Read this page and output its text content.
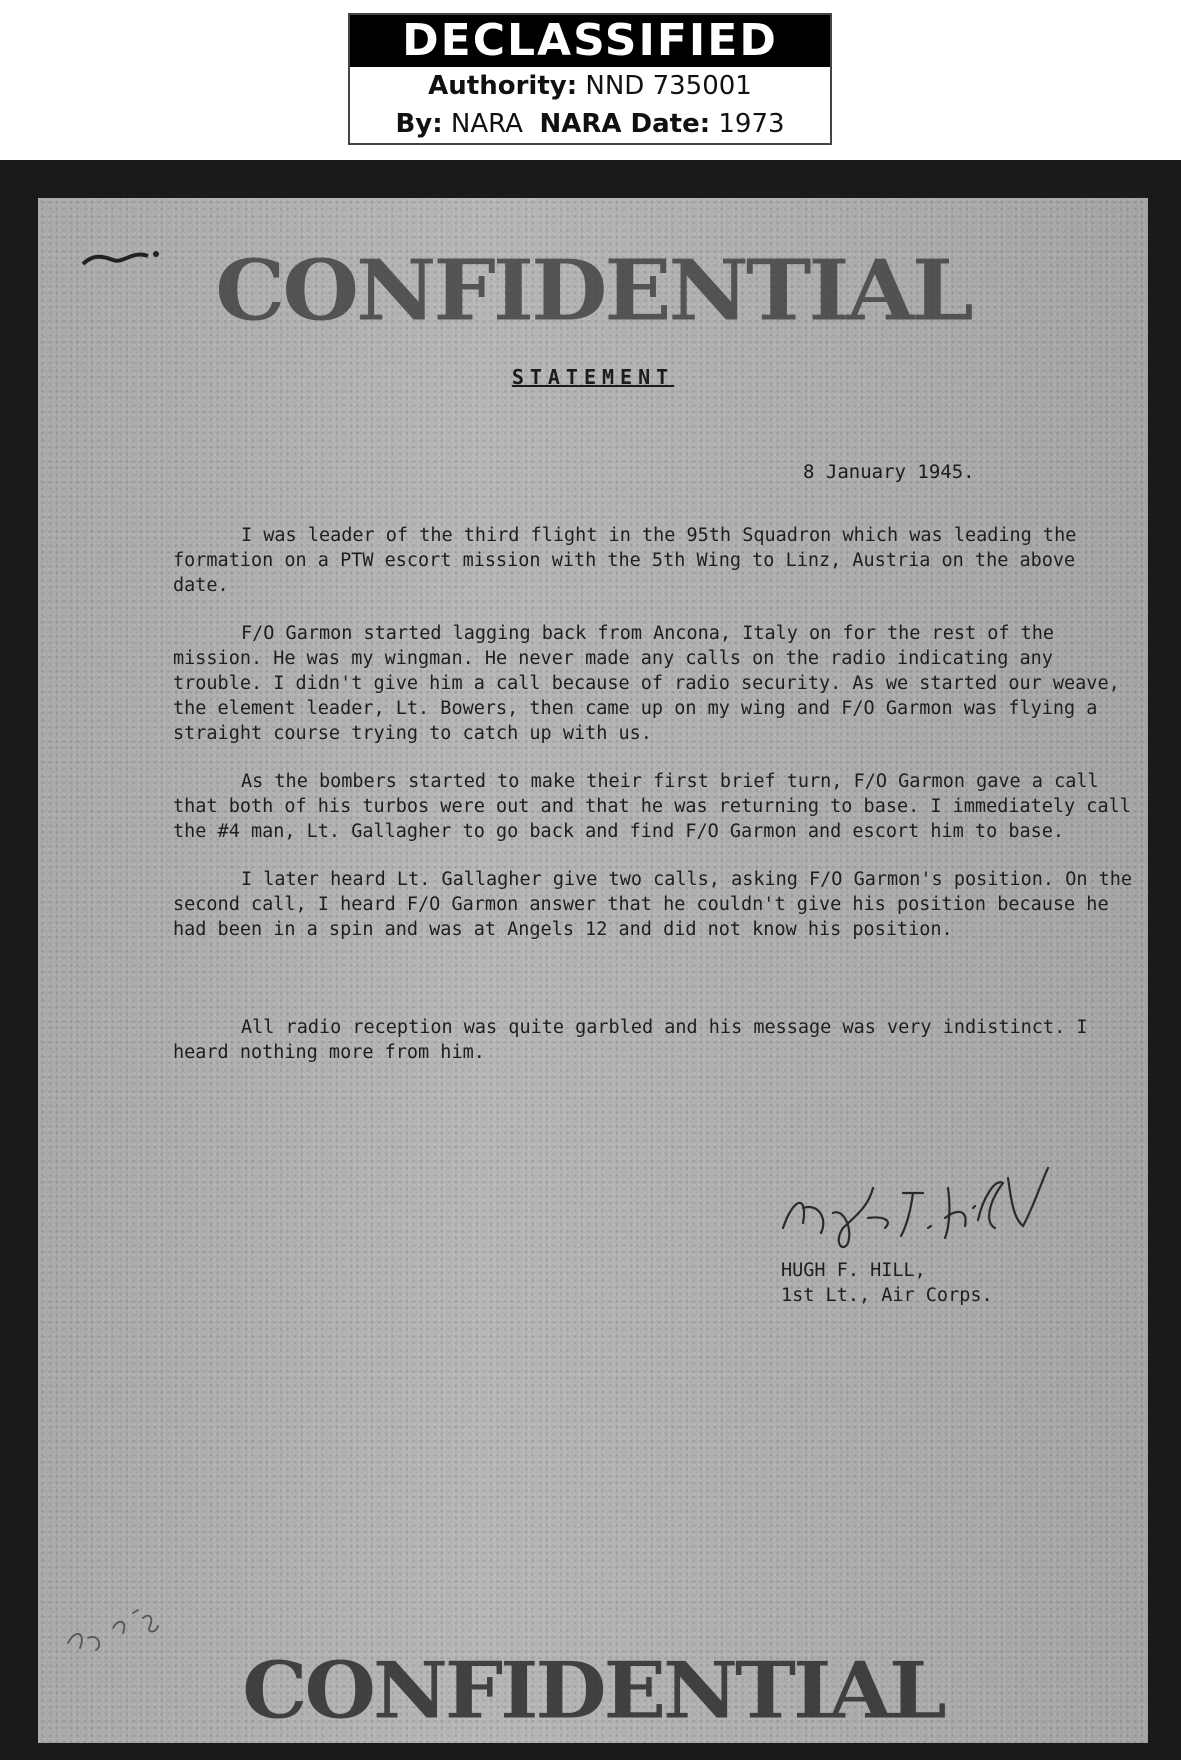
DECLASSIFIED
Authority: NND 735001
By: NARA NARA Date: 1973
CONFIDENTIAL
STATEMENT
8 January 1945.

I was leader of the third flight in the 95th Squadron which was leading the formation on a PTW escort mission with the 5th Wing to Linz, Austria on the above date.

F/O Garmon started lagging back from Ancona, Italy on for the rest of the mission. He was my wingman. He never made any calls on the radio indicating any trouble. I didn't give him a call because of radio security. As we started our weave, the element leader, Lt. Bowers, then came up on my wing and F/O Garmon was flying a straight course trying to catch up with us.

As the bombers started to make their first brief turn, F/O Garmon gave a call that both of his turbos were out and that he was returning to base. I immediately call the #4 man, Lt. Gallagher to go back and find F/O Garmon and escort him to base.

I later heard Lt. Gallagher give two calls, asking F/O Garmon's position. On the second call, I heard F/O Garmon answer that he couldn't give his position because he had been in a spin and was at Angels 12 and did not know his position.

All radio reception was quite garbled and his message was very indistinct. I heard nothing more from him.

HUGH F. HILL,
1st Lt., Air Corps.
CONFIDENTIAL
